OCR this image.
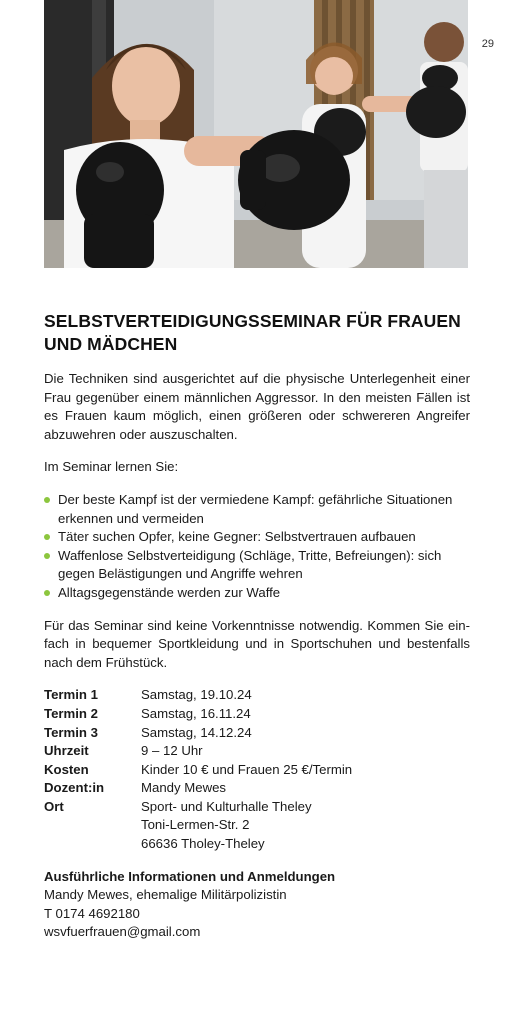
29
SELBSTVERTEIDIGUNGSSEMINAR FÜR FRAUEN UND MÄDCHEN

Die Techniken sind ausgerichtet auf die physische Unterlegenheit einer Frau gegenüber einem männlichen Aggressor. In den meisten Fällen ist es Frauen kaum möglich, einen größeren oder schwereren Angreifer abzuwehren oder auszuschalten.

Im Seminar lernen Sie:

Der beste Kampf ist der vermiedene Kampf: gefährliche Situationen erkennen und vermeiden
Täter suchen Opfer, keine Gegner: Selbstvertrauen aufbauen
Waffenlose Selbstverteidigung (Schläge, Tritte, Befreiungen): sich gegen Belästigungen und Angriffe wehren
Alltagsgegenstände werden zur Waffe

Für das Seminar sind keine Vorkenntnisse notwendig. Kommen Sie ein-fach in bequemer Sportkleidung und in Sportschuhen und bestenfalls nach dem Frühstück.

Termin 1	Samstag, 19.10.24
Termin 2	Samstag, 16.11.24
Termin 3	Samstag, 14.12.24
Uhrzeit	9 – 12 Uhr
Kosten	Kinder 10 € und Frauen 25 €/Termin
Dozent:in	Mandy Mewes
Ort	Sport- und Kulturhalle Theley
	Toni-Lermen-Str. 2
	66636 Tholey-Theley

Ausführliche Informationen und Anmeldungen

Mandy Mewes, ehemalige Militärpolizistin

T 0174 4692180

wsvfuerfrauen@gmail.com
